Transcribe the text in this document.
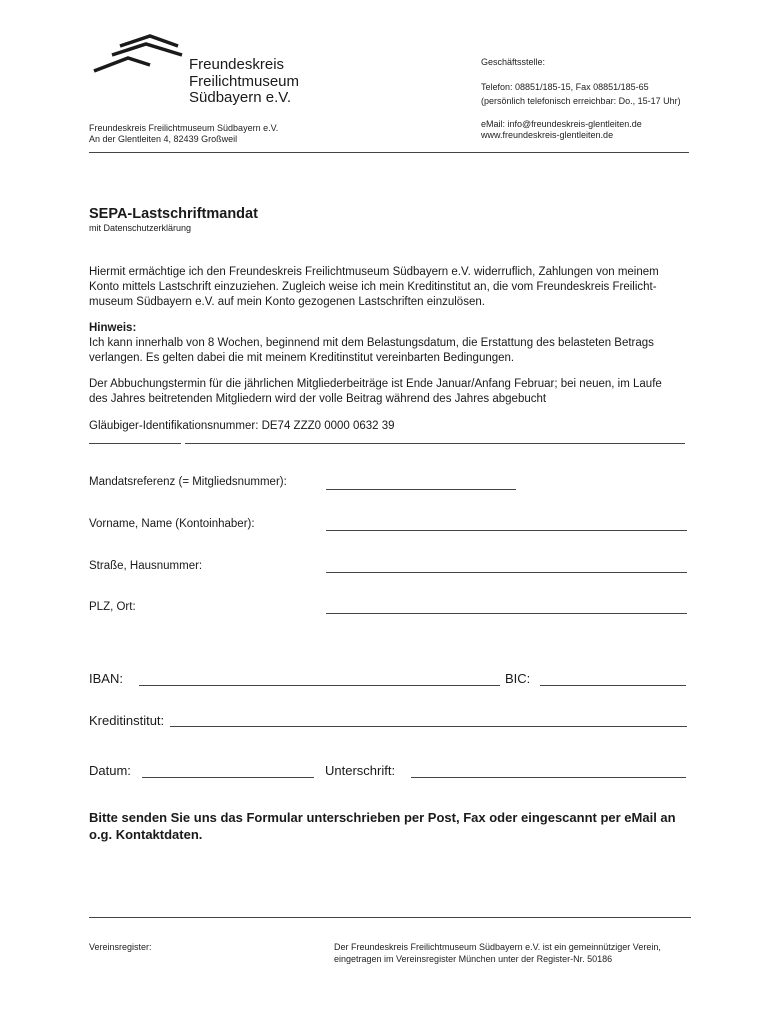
Freundeskreis
Freilichtmuseum
Südbayern e.V.
Geschäftsstelle:
Telefon: 08851/185-15, Fax 08851/185-65
(persönlich telefonisch erreichbar: Do., 15-17 Uhr)
eMail: info@freundeskreis-glentleiten.de
www.freundeskreis-glentleiten.de
Freundeskreis Freilichtmuseum Südbayern e.V.
An der Glentleiten 4, 82439 Großweil
SEPA-Lastschriftmandat
mit Datenschutzerklärung
Hiermit ermächtige ich den Freundeskreis Freilichtmuseum Südbayern e.V. widerruflich, Zahlungen von meinem
Konto mittels Lastschrift einzuziehen. Zugleich weise ich mein Kreditinstitut an, die vom Freundeskreis Freilicht-
museum Südbayern e.V. auf mein Konto gezogenen Lastschriften einzulösen.
Hinweis:
Ich kann innerhalb von 8 Wochen, beginnend mit dem Belastungsdatum, die Erstattung des belasteten Betrags
verlangen. Es gelten dabei die mit meinem Kreditinstitut vereinbarten Bedingungen.
Der Abbuchungstermin für die jährlichen Mitgliederbeiträge ist Ende Januar/Anfang Februar; bei neuen, im Laufe
des Jahres beitretenden Mitgliedern wird der volle Beitrag während des Jahres abgebucht
Gläubiger-Identifikationsnummer: DE74 ZZZ0 0000 0632 39
Mandatsreferenz (= Mitgliedsnummer):
Vorname, Name (Kontoinhaber):
Straße, Hausnummer:
PLZ, Ort:
IBAN:	BIC:
Kreditinstitut:
Datum:	Unterschrift:
Bitte senden Sie uns das Formular unterschrieben per Post, Fax oder eingescannt per eMail an
o.g. Kontaktdaten.
Vereinsregister:	Der Freundeskreis Freilichtmuseum Südbayern e.V. ist ein gemeinnütziger Verein,
eingetragen im Vereinsregister München unter der Register-Nr. 50186
